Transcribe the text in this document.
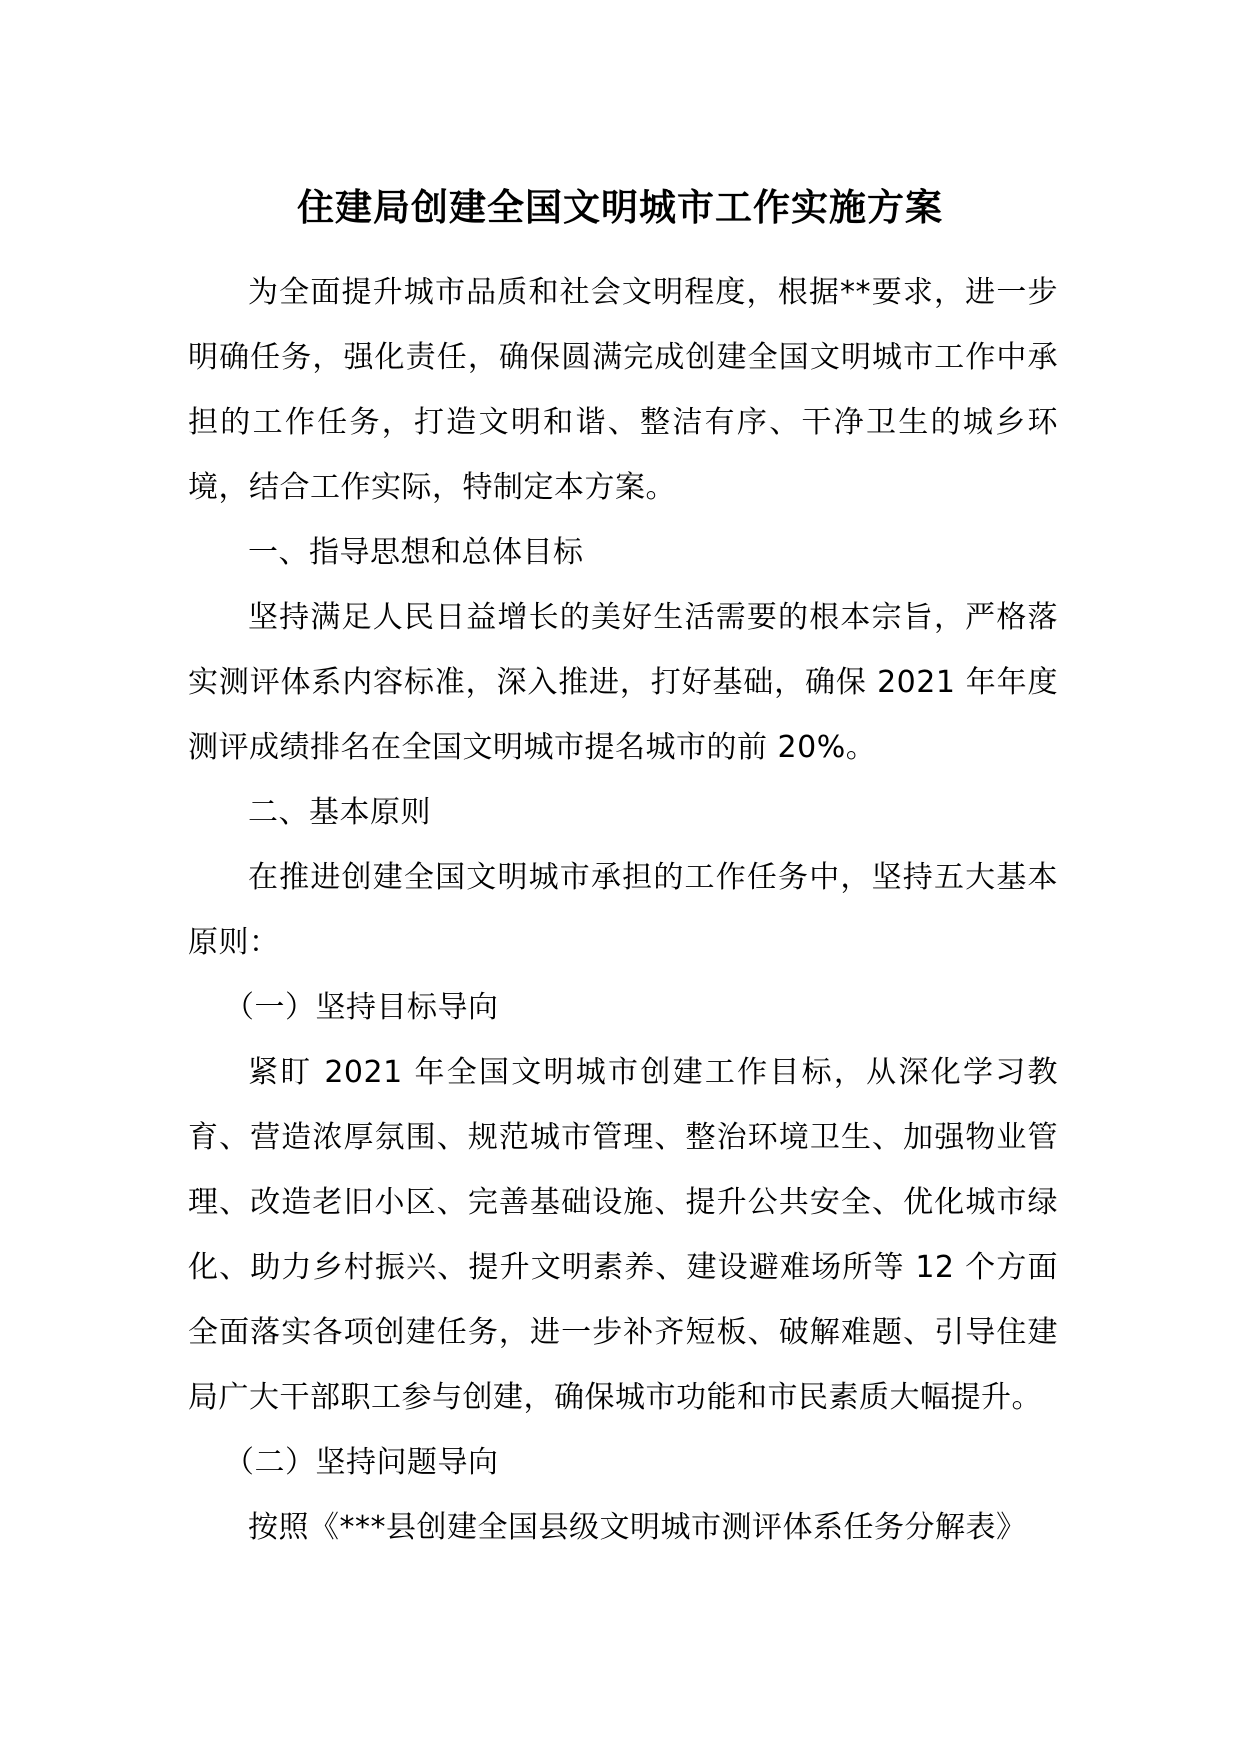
住建局创建全国文明城市工作实施方案

为全面提升城市品质和社会文明程度，根据**要求，进一步明确任务，强化责任，确保圆满完成创建全国文明城市工作中承担的工作任务，打造文明和谐、整洁有序、干净卫生的城乡环境，结合工作实际，特制定本方案。

一、指导思想和总体目标

坚持满足人民日益增长的美好生活需要的根本宗旨，严格落实测评体系内容标准，深入推进，打好基础，确保 2021 年年度测评成绩排名在全国文明城市提名城市的前 20%。

二、基本原则

在推进创建全国文明城市承担的工作任务中，坚持五大基本原则：

（一）坚持目标导向

紧盯 2021 年全国文明城市创建工作目标，从深化学习教育、营造浓厚氛围、规范城市管理、整治环境卫生、加强物业管理、改造老旧小区、完善基础设施、提升公共安全、优化城市绿化、助力乡村振兴、提升文明素养、建设避难场所等 12 个方面全面落实各项创建任务，进一步补齐短板、破解难题、引导住建局广大干部职工参与创建，确保城市功能和市民素质大幅提升。

（二）坚持问题导向

按照《***县创建全国县级文明城市测评体系任务分解表》
